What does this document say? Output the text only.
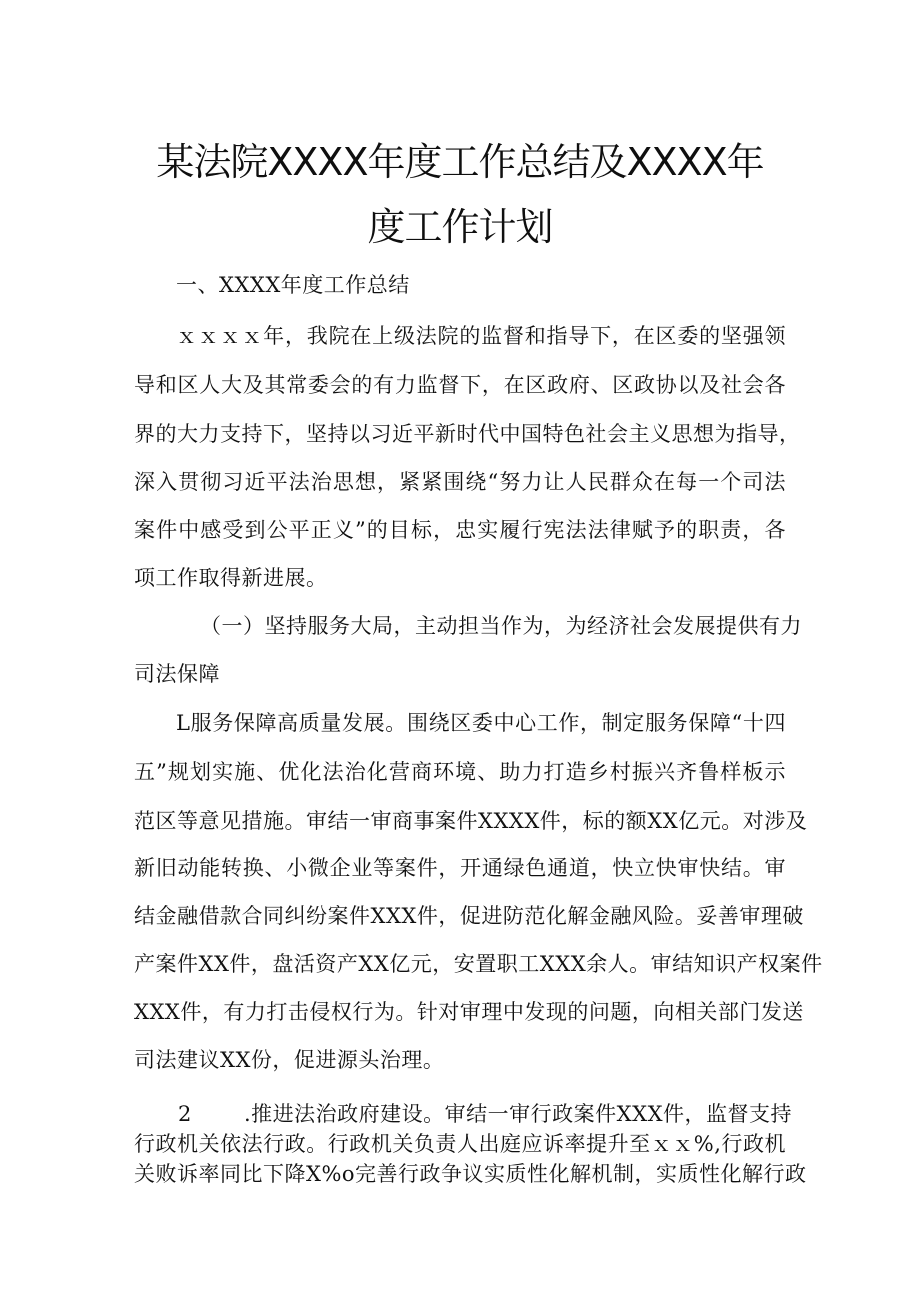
某法院XXXX年度工作总结及XXXX年
度工作计划
一、XXXX年度工作总结
ｘｘｘｘ年，我院在上级法院的监督和指导下，在区委的坚强领
导和区人大及其常委会的有力监督下，在区政府、区政协以及社会各
界的大力支持下，坚持以习近平新时代中国特色社会主义思想为指导，
深入贯彻习近平法治思想，紧紧围绕“努力让人民群众在每一个司法
案件中感受到公平正义”的目标，忠实履行宪法法律赋予的职责，各
项工作取得新进展。
（一）坚持服务大局，主动担当作为，为经济社会发展提供有力
司法保障
L服务保障高质量发展。围绕区委中心工作，制定服务保障“十四
五”规划实施、优化法治化营商环境、助力打造乡村振兴齐鲁样板示
范区等意见措施。审结一审商事案件XXXX件，标的额XX亿元。对涉及
新旧动能转换、小微企业等案件，开通绿色通道，快立快审快结。审
结金融借款合同纠纷案件XXX件，促进防范化解金融风险。妥善审理破
产案件XX件，盘活资产XX亿元，安置职工XXX余人。审结知识产权案件
XXX件，有力打击侵权行为。针对审理中发现的问题，向相关部门发送
司法建议XX份，促进源头治理。
2	.推进法治政府建设。审结一审行政案件XXX件，监督支持
行政机关依法行政。行政机关负责人出庭应诉率提升至ｘｘ%,行政机
关败诉率同比下降X%o完善行政争议实质性化解机制，实质性化解行政
